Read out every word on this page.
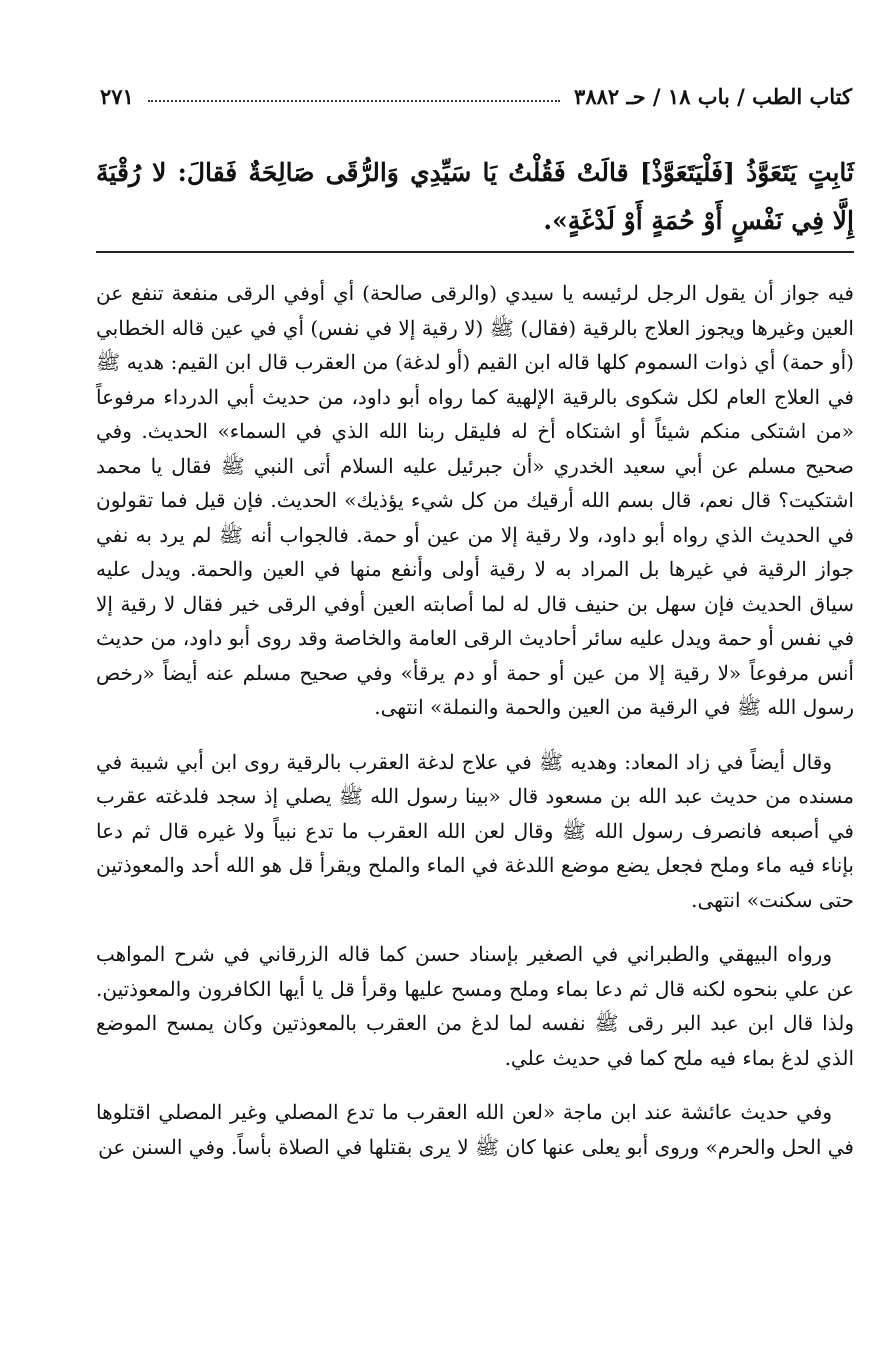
كتاب الطب / باب ١٨ / حـ ٣٨٨٢
٢٧١

ثَابِتٍ يَتَعَوَّذُ [فَلْيَتَعَوَّذْ] قالَتْ فَقُلْتُ يَا سَيِّدِي وَالرُّقَى صَالِحَةٌ فَقالَ: لا رُقْيَةَ إِلَّا فِي نَفْسٍ أَوْ حُمَةٍ أَوْ لَدْغَةٍ».

فيه جواز أن يقول الرجل لرئيسه يا سيدي (والرقى صالحة) أي أوفي الرقى منفعة تنفع عن العين وغيرها ويجوز العلاج بالرقية (فقال) ﷺ (لا رقية إلا في نفس) أي في عين قاله الخطابي (أو حمة) أي ذوات السموم كلها قاله ابن القيم (أو لدغة) من العقرب قال ابن القيم: هديه ﷺ في العلاج العام لكل شكوى بالرقية الإلهية كما رواه أبو داود، من حديث أبي الدرداء مرفوعاً «من اشتكى منكم شيئاً أو اشتكاه أخ له فليقل ربنا الله الذي في السماء» الحديث. وفي صحيح مسلم عن أبي سعيد الخدري «أن جبرئيل عليه السلام أتى النبي ﷺ فقال يا محمد اشتكيت؟ قال نعم، قال بسم الله أرقيك من كل شيء يؤذيك» الحديث. فإن قيل فما تقولون في الحديث الذي رواه أبو داود، ولا رقية إلا من عين أو حمة. فالجواب أنه ﷺ لم يرد به نفي جواز الرقية في غيرها بل المراد به لا رقية أولى وأنفع منها في العين والحمة. ويدل عليه سياق الحديث فإن سهل بن حنيف قال له لما أصابته العين أوفي الرقى خير فقال لا رقية إلا في نفس أو حمة ويدل عليه سائر أحاديث الرقى العامة والخاصة وقد روى أبو داود، من حديث أنس مرفوعاً «لا رقية إلا من عين أو حمة أو دم يرقأ» وفي صحيح مسلم عنه أيضاً «رخص رسول الله ﷺ في الرقية من العين والحمة والنملة» انتهى.

وقال أيضاً في زاد المعاد: وهديه ﷺ في علاج لدغة العقرب بالرقية روى ابن أبي شيبة في مسنده من حديث عبد الله بن مسعود قال «بينا رسول الله ﷺ يصلي إذ سجد فلدغته عقرب في أصبعه فانصرف رسول الله ﷺ وقال لعن الله العقرب ما تدع نبياً ولا غيره قال ثم دعا بإناء فيه ماء وملح فجعل يضع موضع اللدغة في الماء والملح ويقرأ قل هو الله أحد والمعوذتين حتى سكنت» انتهى.

ورواه البيهقي والطبراني في الصغير بإسناد حسن كما قاله الزرقاني في شرح المواهب عن علي بنحوه لكنه قال ثم دعا بماء وملح ومسح عليها وقرأ قل يا أيها الكافرون والمعوذتين. ولذا قال ابن عبد البر رقى ﷺ نفسه لما لدغ من العقرب بالمعوذتين وكان يمسح الموضع الذي لدغ بماء فيه ملح كما في حديث علي.

وفي حديث عائشة عند ابن ماجة «لعن الله العقرب ما تدع المصلي وغير المصلي اقتلوها في الحل والحرم» وروى أبو يعلى عنها كان ﷺ لا يرى بقتلها في الصلاة بأساً. وفي السنن عن
